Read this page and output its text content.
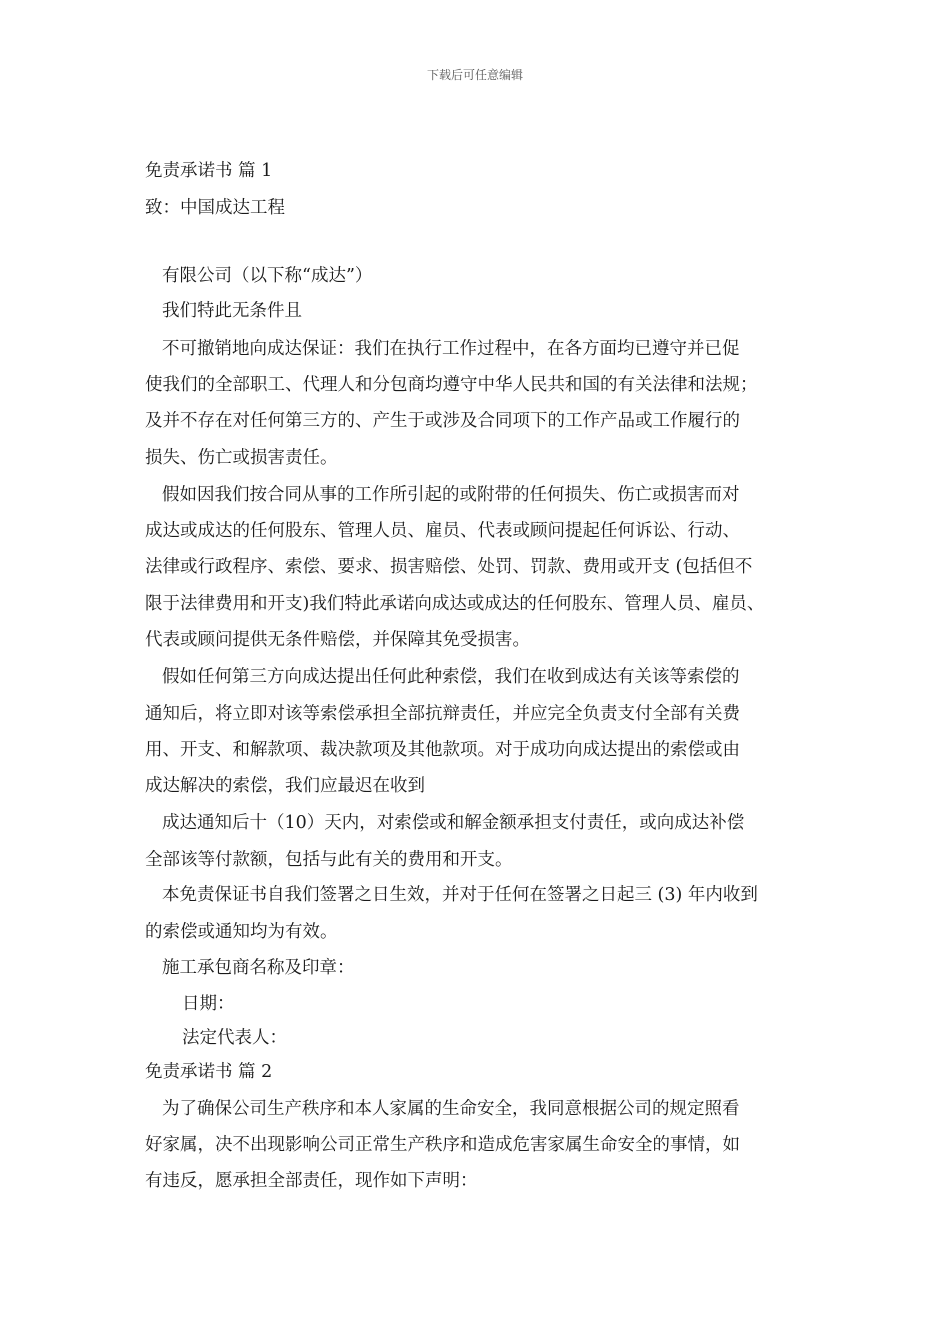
下载后可任意编辑
免责承诺书 篇 1
致：中国成达工程
有限公司（以下称“成达”）
我们特此无条件且
不可撤销地向成达保证：我们在执行工作过程中，在各方面均已遵守并已促
使我们的全部职工、代理人和分包商均遵守中华人民共和国的有关法律和法规；
及并不存在对任何第三方的、产生于或涉及合同项下的工作产品或工作履行的
损失、伤亡或损害责任。
假如因我们按合同从事的工作所引起的或附带的任何损失、伤亡或损害而对
成达或成达的任何股东、管理人员、雇员、代表或顾问提起任何诉讼、行动、
法律或行政程序、索偿、要求、损害赔偿、处罚、罚款、费用或开支 (包括但不
限于法律费用和开支)我们特此承诺向成达或成达的任何股东、管理人员、雇员、
代表或顾问提供无条件赔偿，并保障其免受损害。
假如任何第三方向成达提出任何此种索偿，我们在收到成达有关该等索偿的
通知后，将立即对该等索偿承担全部抗辩责任，并应完全负责支付全部有关费
用、开支、和解款项、裁决款项及其他款项。对于成功向成达提出的索偿或由
成达解决的索偿，我们应最迟在收到
成达通知后十（10）天内，对索偿或和解金额承担支付责任，或向成达补偿
全部该等付款额，包括与此有关的费用和开支。
本免责保证书自我们签署之日生效，并对于任何在签署之日起三 (3) 年内收到
的索偿或通知均为有效。
施工承包商名称及印章：
日期：
法定代表人：
免责承诺书 篇 2
为了确保公司生产秩序和本人家属的生命安全，我同意根据公司的规定照看
好家属，决不出现影响公司正常生产秩序和造成危害家属生命安全的事情，如
有违反，愿承担全部责任，现作如下声明：
